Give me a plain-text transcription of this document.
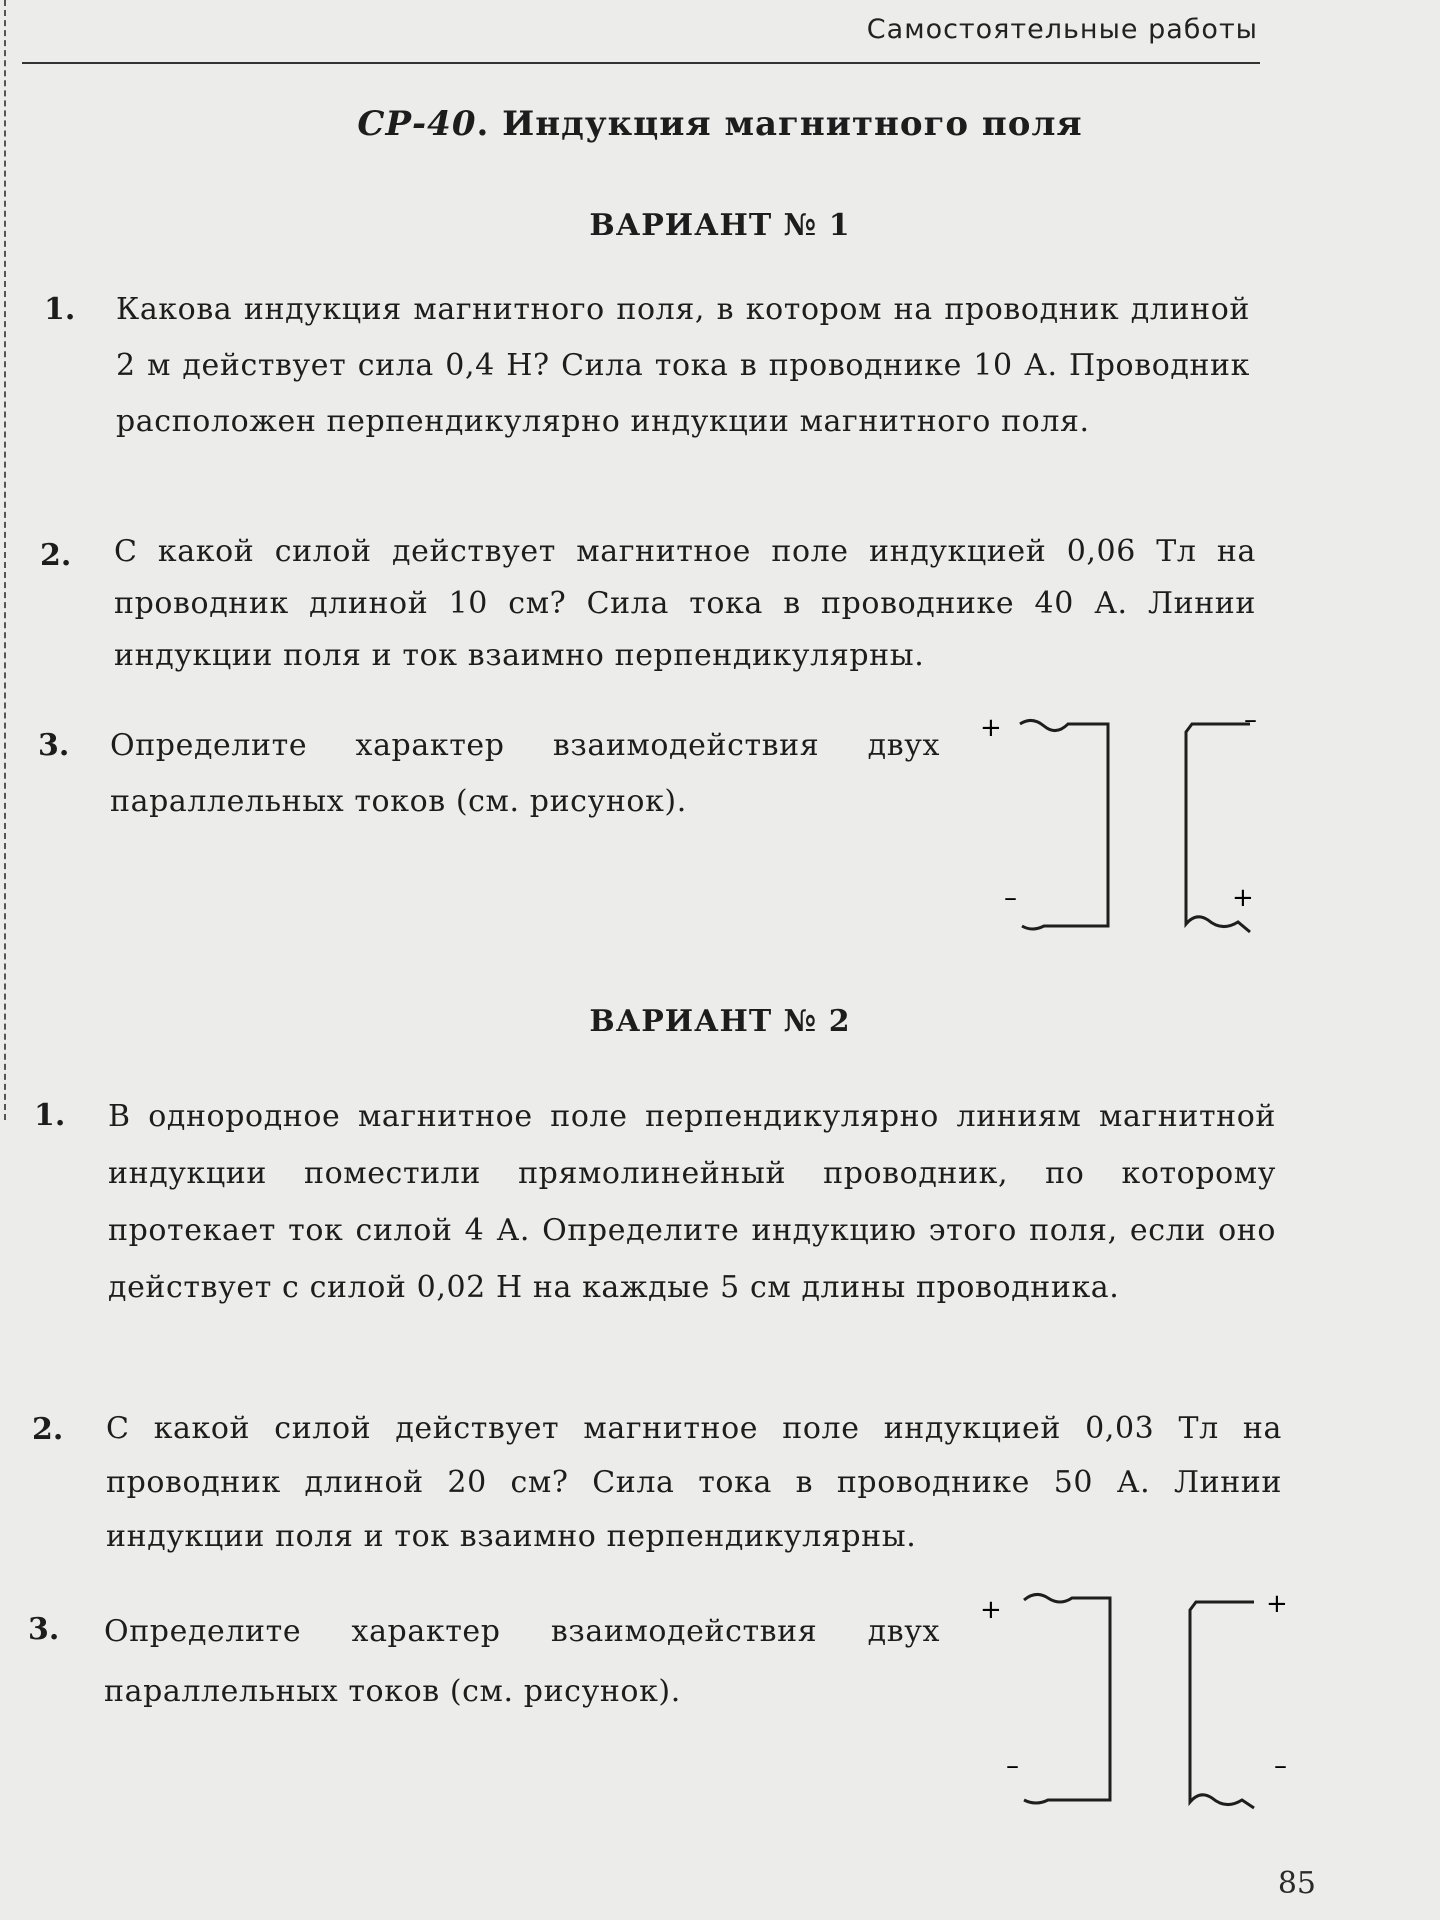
Самостоятельные работы
СР-40. Индукция магнитного поля
ВАРИАНТ № 1
1. Какова индукция магнитного поля, в котором на проводник длиной 2 м действует сила 0,4 Н? Сила тока в проводнике 10 А. Проводник расположен перпендикулярно индукции магнитного поля.

2. С какой силой действует магнитное поле индукцией 0,06 Тл на проводник длиной 10 см? Сила тока в проводнике 40 А. Линии индукции поля и ток взаимно перпендикулярны.

3. Определите характер взаимодействия двух параллельных токов (см. рисунок).

+
–
–
+
ВАРИАНТ № 2
1. В однородное магнитное поле перпендикулярно линиям магнитной индукции поместили прямолинейный проводник, по которому протекает ток силой 4 А. Определите индукцию этого поля, если оно действует с силой 0,02 Н на каждые 5 см длины проводника.

2. С какой силой действует магнитное поле индукцией 0,03 Тл на проводник длиной 20 см? Сила тока в проводнике 50 А. Линии индукции поля и ток взаимно перпендикулярны.

3. Определите характер взаимодействия двух параллельных токов (см. рисунок).

+
–
+
–
85
